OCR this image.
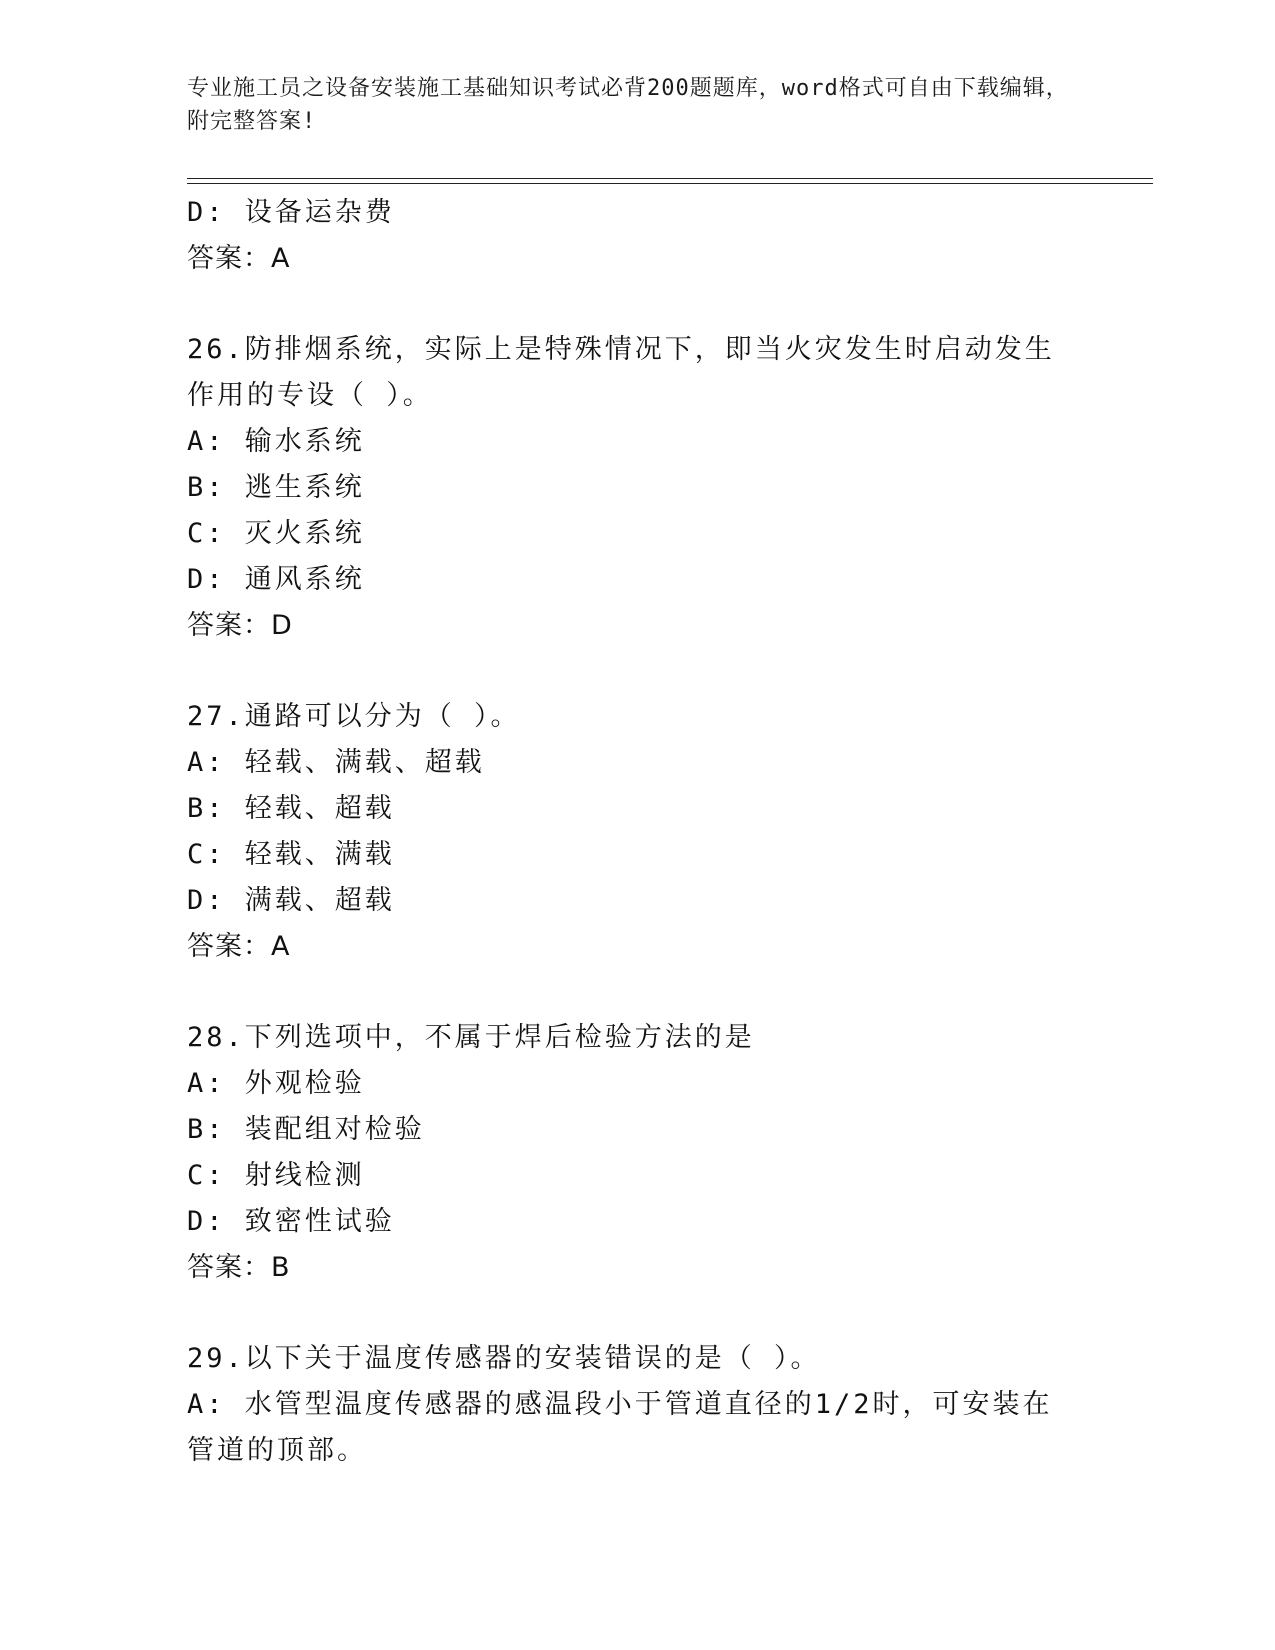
专业施工员之设备安装施工基础知识考试必背200题题库，word格式可自由下载编辑，附完整答案!
D: 设备运杂费
答案：A
26.防排烟系统，实际上是特殊情况下，即当火灾发生时启动发生作用的专设（ ）。
A: 输水系统
B: 逃生系统
C: 灭火系统
D: 通风系统
答案：D
27.通路可以分为（ ）。
A: 轻载、满载、超载
B: 轻载、超载
C: 轻载、满载
D: 满载、超载
答案：A
28.下列选项中，不属于焊后检验方法的是
A: 外观检验
B: 装配组对检验
C: 射线检测
D: 致密性试验
答案：B
29.以下关于温度传感器的安装错误的是（ ）。
A: 水管型温度传感器的感温段小于管道直径的1/2时，可安装在管道的顶部。
